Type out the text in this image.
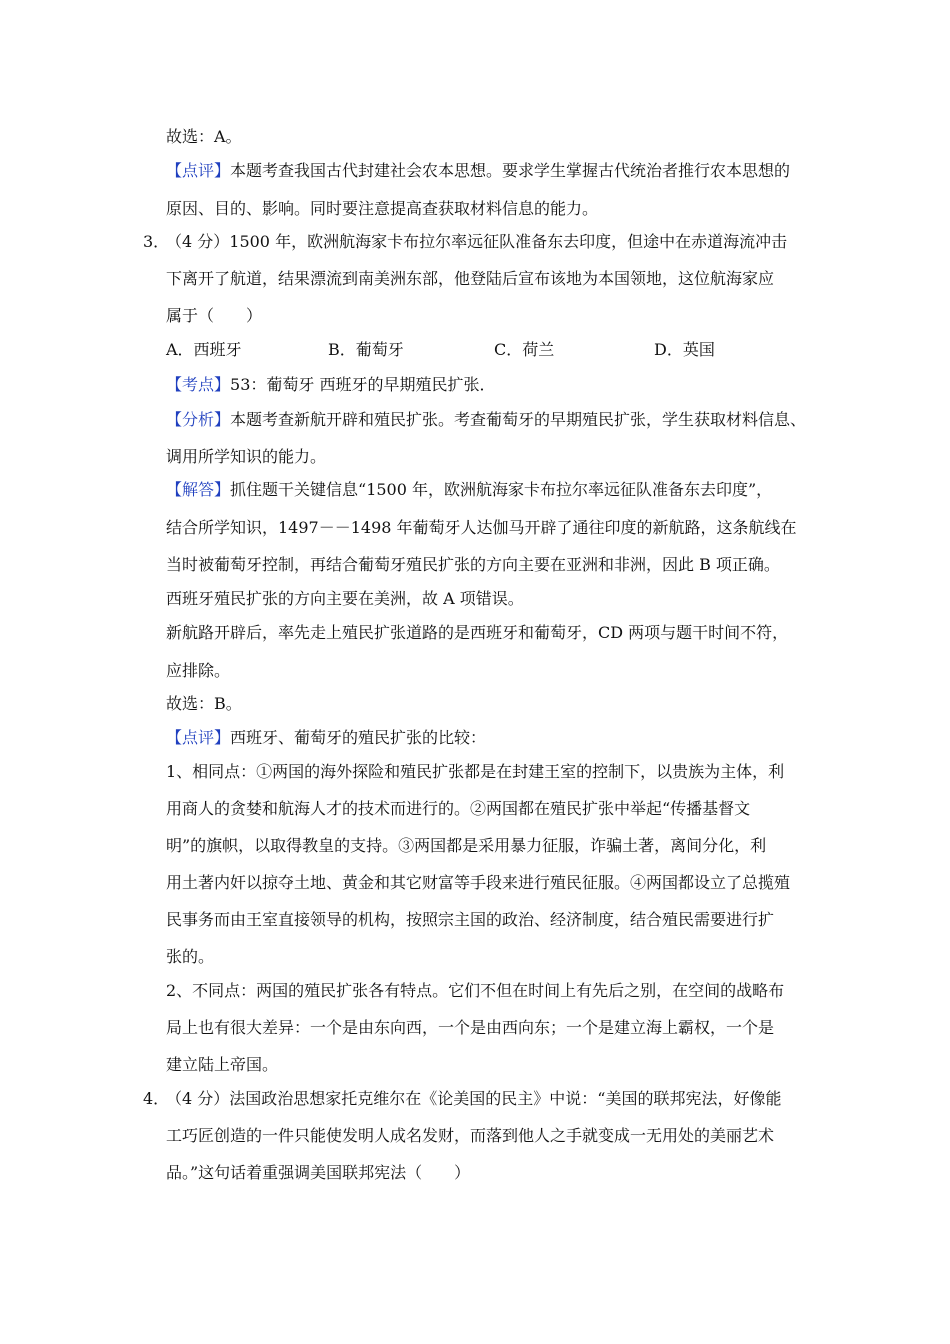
故选：A。
【点评】本题考查我国古代封建社会农本思想。要求学生掌握古代统治者推行农本思想的
原因、目的、影响。同时要注意提高查获取材料信息的能力。
3．
（4 分）1500 年，欧洲航海家卡布拉尔率远征队准备东去印度，但途中在赤道海流冲击
下离开了航道，结果漂流到南美洲东部，他登陆后宣布该地为本国领地，这位航海家应
属于（　　）
A．西班牙	B．葡萄牙	C．荷兰	D．英国
【考点】53：葡萄牙 西班牙的早期殖民扩张．
【分析】本题考查新航开辟和殖民扩张。考查葡萄牙的早期殖民扩张，学生获取材料信息、
调用所学知识的能力。
【解答】抓住题干关键信息“1500 年，欧洲航海家卡布拉尔率远征队准备东去印度”，
结合所学知识，1497－－1498 年葡萄牙人达伽马开辟了通往印度的新航路，这条航线在
当时被葡萄牙控制，再结合葡萄牙殖民扩张的方向主要在亚洲和非洲，因此 B 项正确。
西班牙殖民扩张的方向主要在美洲，故 A 项错误。
新航路开辟后，率先走上殖民扩张道路的是西班牙和葡萄牙，CD 两项与题干时间不符，
应排除。
故选：B。
【点评】西班牙、葡萄牙的殖民扩张的比较：
1、相同点：①两国的海外探险和殖民扩张都是在封建王室的控制下，以贵族为主体，利
用商人的贪婪和航海人才的技术而进行的。②两国都在殖民扩张中举起“传播基督文
明”的旗帜，以取得教皇的支持。③两国都是采用暴力征服，诈骗土著，离间分化，利
用土著内奸以掠夺土地、黄金和其它财富等手段来进行殖民征服。④两国都设立了总揽殖
民事务而由王室直接领导的机构，按照宗主国的政治、经济制度，结合殖民需要进行扩
张的。
2、不同点：两国的殖民扩张各有特点。它们不但在时间上有先后之别，在空间的战略布
局上也有很大差异：一个是由东向西，一个是由西向东；一个是建立海上霸权，一个是
建立陆上帝国。
4．
（4 分）法国政治思想家托克维尔在《论美国的民主》中说：“美国的联邦宪法，好像能
工巧匠创造的一件只能使发明人成名发财，而落到他人之手就变成一无用处的美丽艺术
品。”这句话着重强调美国联邦宪法（　　）
